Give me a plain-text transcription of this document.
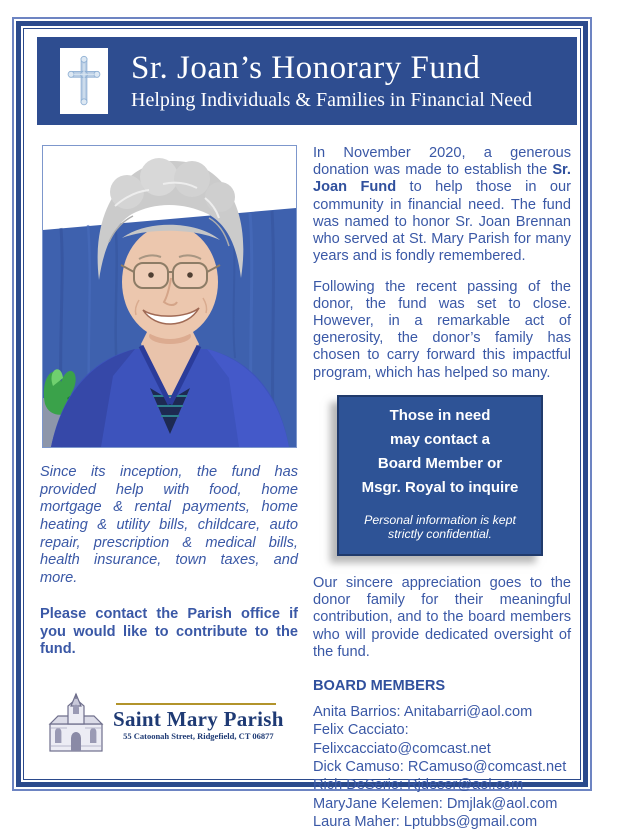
Sr. Joan’s Honorary Fund
Helping Individuals & Families in Financial Need

Since its inception, the fund has provided help with food, home mortgage & rental payments, home heating & utility bills, childcare, auto repair, prescription & medical bills, health insurance, town taxes, and more.

Please contact the Parish office if you would like to contribute to the fund.

Saint Mary Parish
55 Catoonah Street, Ridgefield, CT 06877

In November 2020, a generous donation was made to establish the Sr. Joan Fund to help those in our community in financial need. The fund was named to honor Sr. Joan Brennan who served at St. Mary Parish for many years and is fondly remembered.

Following the recent passing of the donor, the fund was set to close. However, in a remarkable act of generosity, the donor’s family has chosen to carry forward this impactful program, which has helped so many.

Those in need
may contact a
Board Member or
Msgr. Royal to inquire
Personal information is kept strictly confidential.

Our sincere appreciation goes to the donor family for their meaningful contribution, and to the board members who will provide dedicated oversight of the fund.

BOARD MEMBERS
Anita Barrios: Anitabarri@aol.com
Felix Cacciato: Felixcacciato@comcast.net
Dick Camuso: RCamuso@comcast.net
Rich DeSerio: Rjdeser@aol.com
MaryJane Kelemen: Dmjlak@aol.com
Laura Maher: Lptubbs@gmail.com
